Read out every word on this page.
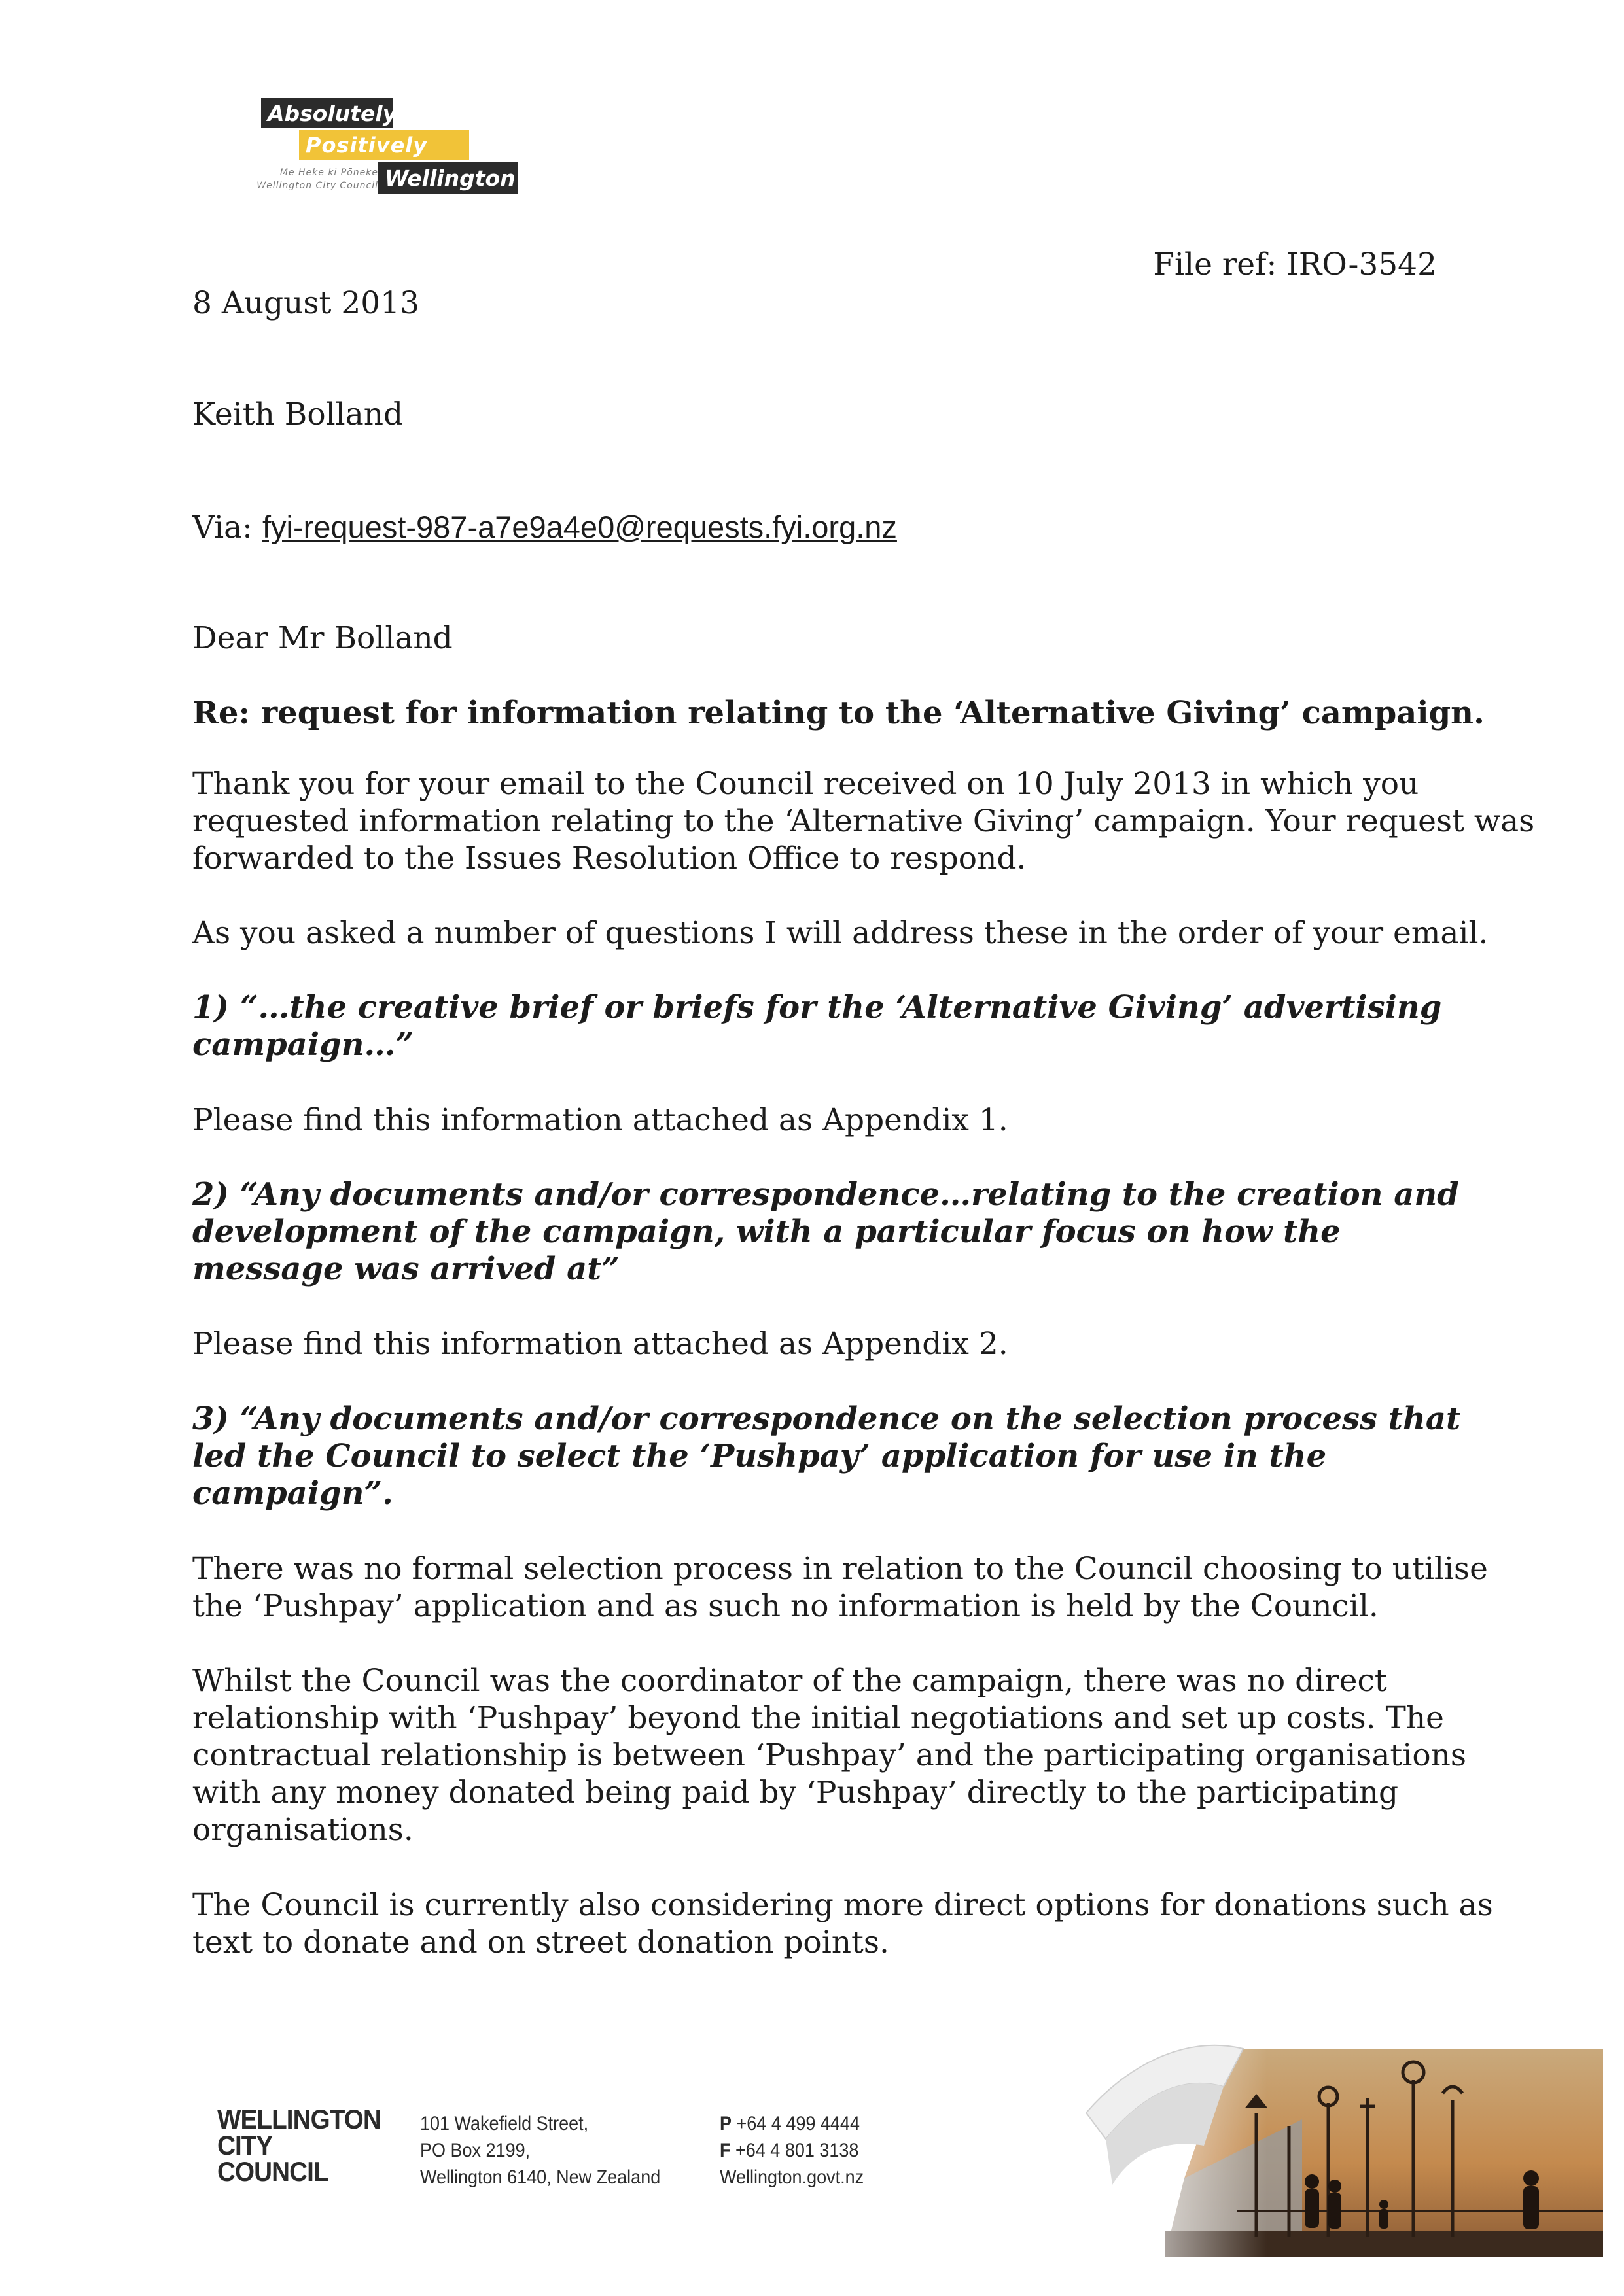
Absolutely
Positively
Wellington
Me Heke ki Pōneke
Wellington City Council
File ref: IRO-3542
8 August 2013
Keith Bolland
Via: fyi-request-987-a7e9a4e0@requests.fyi.org.nz
Dear Mr Bolland
Re: request for information relating to the ‘Alternative Giving’ campaign.
Thank you for your email to the Council received on 10 July 2013 in which you
requested information relating to the ‘Alternative Giving’ campaign. Your request was
forwarded to the Issues Resolution Office to respond.
As you asked a number of questions I will address these in the order of your email.
1) “…the creative brief or briefs for the ‘Alternative Giving’ advertising
campaign…”
Please find this information attached as Appendix 1.
2) “Any documents and/or correspondence…relating to the creation and
development of the campaign, with a particular focus on how the
message was arrived at”
Please find this information attached as Appendix 2.
3) “Any documents and/or correspondence on the selection process that
led the Council to select the ‘Pushpay’ application for use in the
campaign”.
There was no formal selection process in relation to the Council choosing to utilise
the ‘Pushpay’ application and as such no information is held by the Council.
Whilst the Council was the coordinator of the campaign, there was no direct
relationship with ‘Pushpay’ beyond the initial negotiations and set up costs. The
contractual relationship is between ‘Pushpay’ and the participating organisations
with any money donated being paid by ‘Pushpay’ directly to the participating
organisations.
The Council is currently also considering more direct options for donations such as
text to donate and on street donation points.
WELLINGTON
CITY
COUNCIL
101 Wakefield Street,
PO Box 2199,
Wellington 6140, New Zealand
P +64 4 499 4444
F +64 4 801 3138
Wellington.govt.nz
